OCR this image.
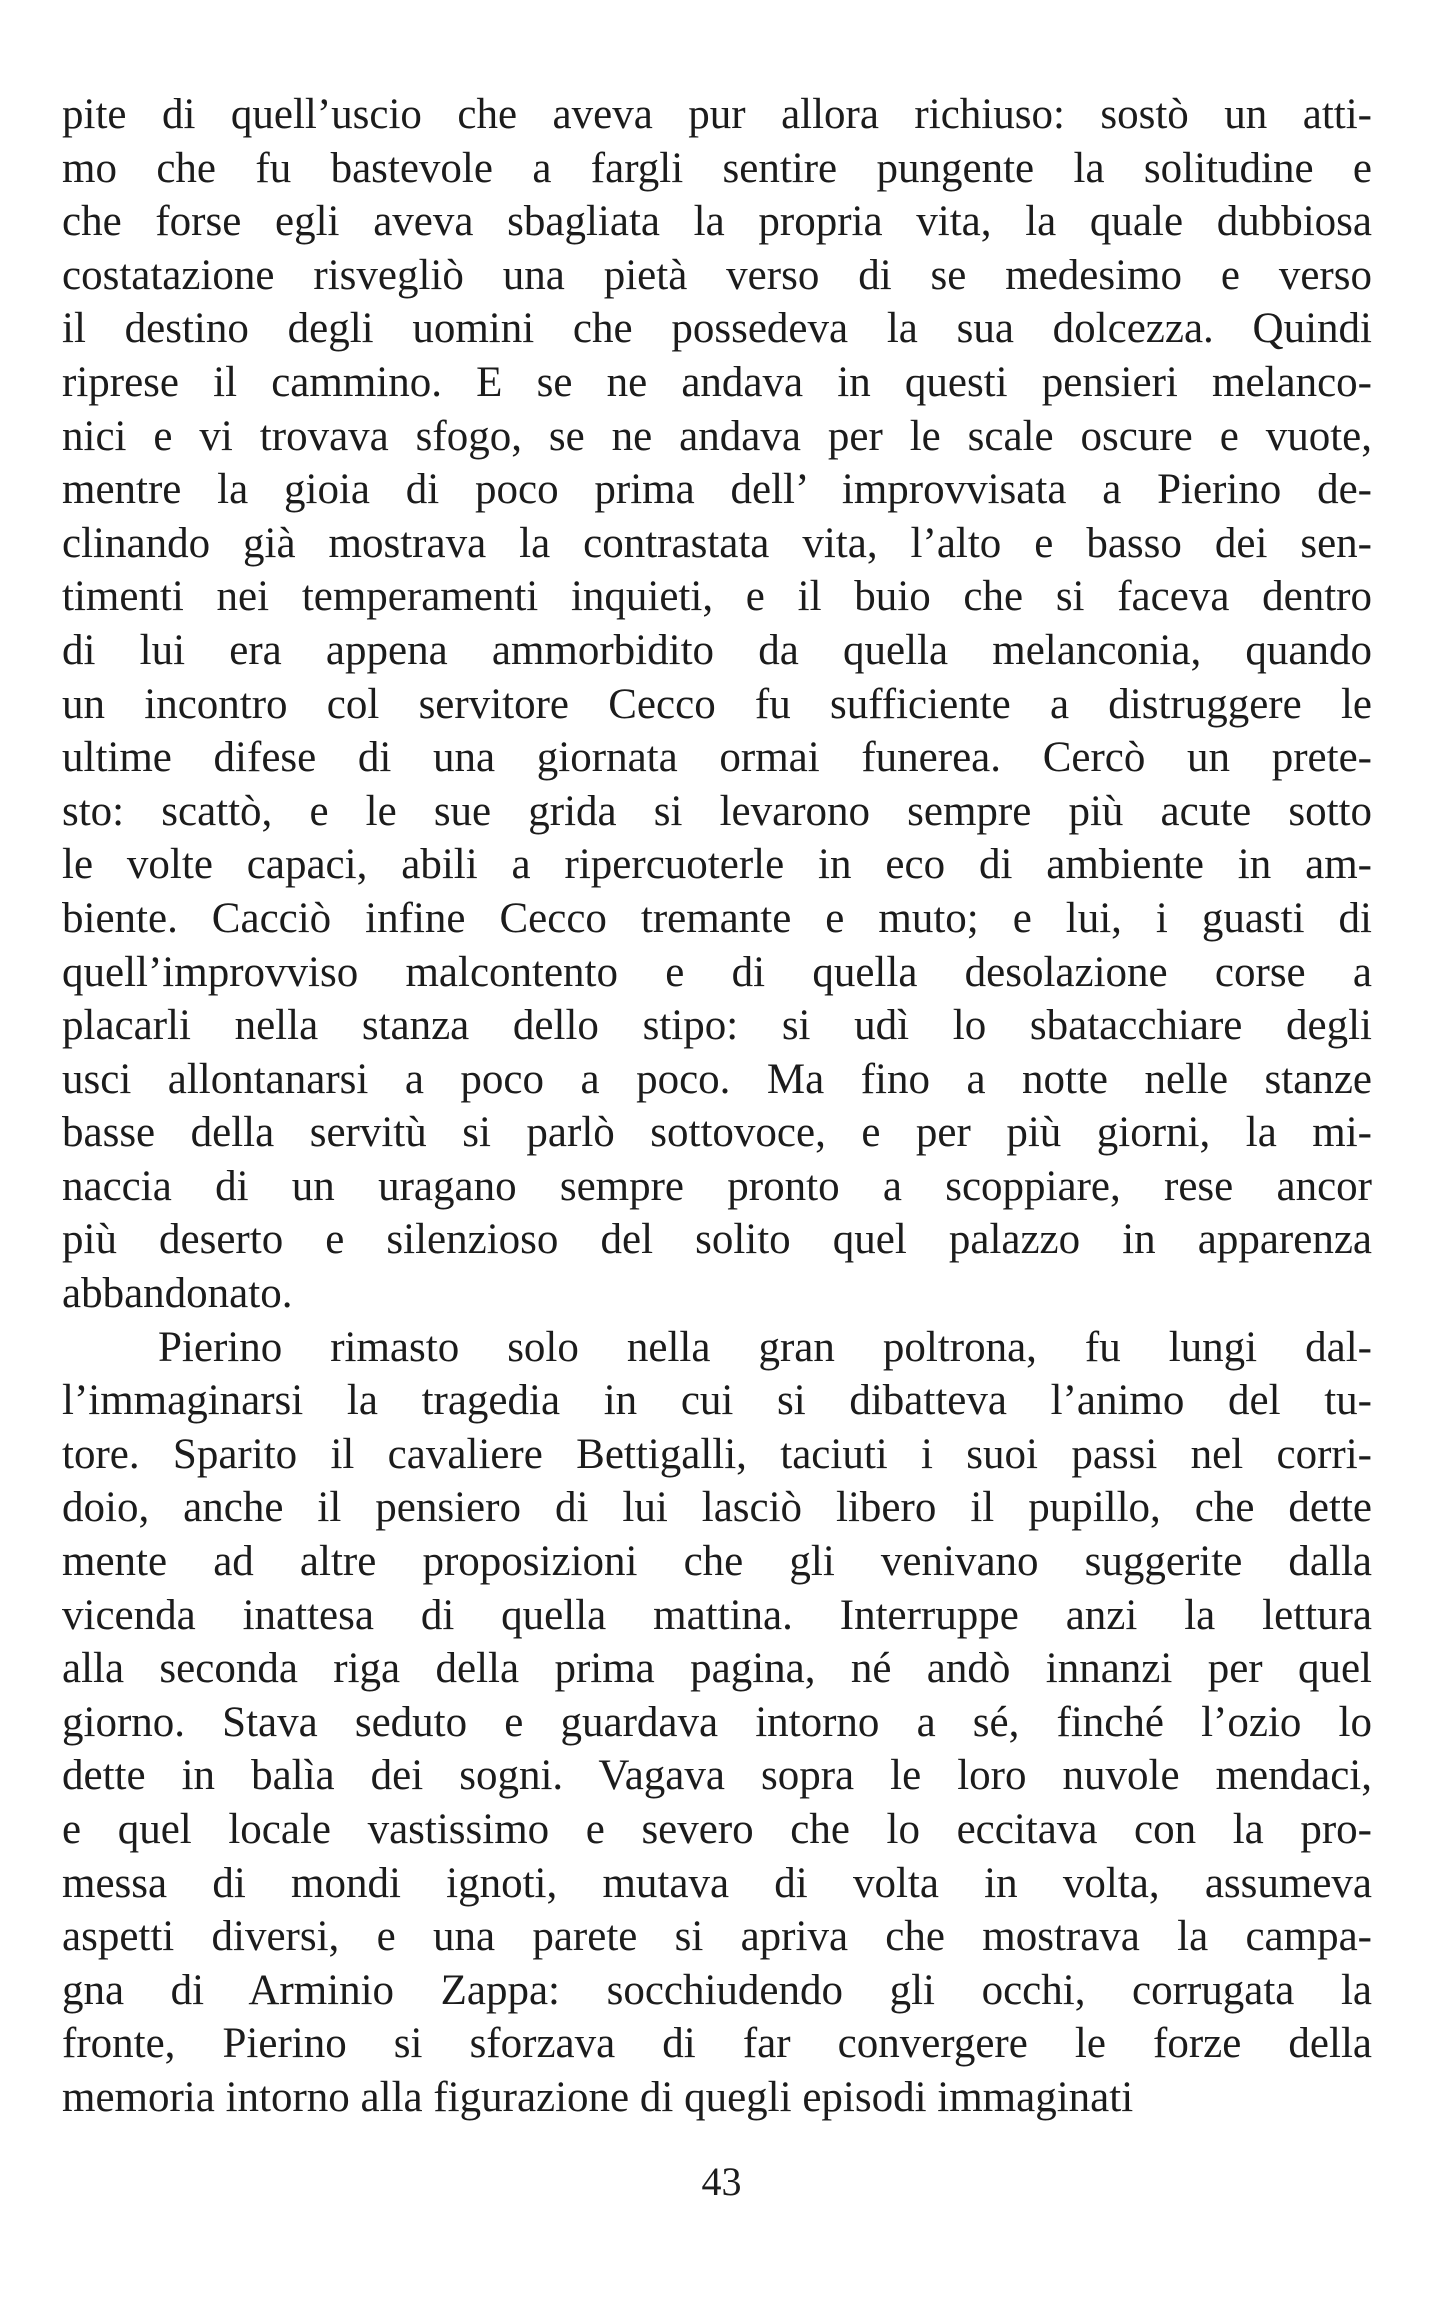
pite di quell’uscio che aveva pur allora richiuso: sostò un atti-
mo che fu bastevole a fargli sentire pungente la solitudine e
che forse egli aveva sbagliata la propria vita, la quale dubbiosa
costatazione risvegliò una pietà verso di se medesimo e verso
il destino degli uomini che possedeva la sua dolcezza. Quindi
riprese il cammino. E se ne andava in questi pensieri melanco-
nici e vi trovava sfogo, se ne andava per le scale oscure e vuote,
mentre la gioia di poco prima dell’ improvvisata a Pierino de-
clinando già mostrava la contrastata vita, l’alto e basso dei sen-
timenti nei temperamenti inquieti, e il buio che si faceva dentro
di lui era appena ammorbidito da quella melanconia, quando
un incontro col servitore Cecco fu sufficiente a distruggere le
ultime difese di una giornata ormai funerea. Cercò un prete-
sto: scattò, e le sue grida si levarono sempre più acute sotto
le volte capaci, abili a ripercuoterle in eco di ambiente in am-
biente. Cacciò infine Cecco tremante e muto; e lui, i guasti di
quell’improvviso malcontento e di quella desolazione corse a
placarli nella stanza dello stipo: si udì lo sbatacchiare degli
usci allontanarsi a poco a poco. Ma fino a notte nelle stanze
basse della servitù si parlò sottovoce, e per più giorni, la mi-
naccia di un uragano sempre pronto a scoppiare, rese ancor
più deserto e silenzioso del solito quel palazzo in apparenza
abbandonato.
Pierino rimasto solo nella gran poltrona, fu lungi dal-
l’immaginarsi la tragedia in cui si dibatteva l’animo del tu-
tore. Sparito il cavaliere Bettigalli, taciuti i suoi passi nel corri-
doio, anche il pensiero di lui lasciò libero il pupillo, che dette
mente ad altre proposizioni che gli venivano suggerite dalla
vicenda inattesa di quella mattina. Interruppe anzi la lettura
alla seconda riga della prima pagina, né andò innanzi per quel
giorno. Stava seduto e guardava intorno a sé, finché l’ozio lo
dette in balìa dei sogni. Vagava sopra le loro nuvole mendaci,
e quel locale vastissimo e severo che lo eccitava con la pro-
messa di mondi ignoti, mutava di volta in volta, assumeva
aspetti diversi, e una parete si apriva che mostrava la campa-
gna di Arminio Zappa: socchiudendo gli occhi, corrugata la
fronte, Pierino si sforzava di far convergere le forze della
memoria intorno alla figurazione di quegli episodi immaginati
43
